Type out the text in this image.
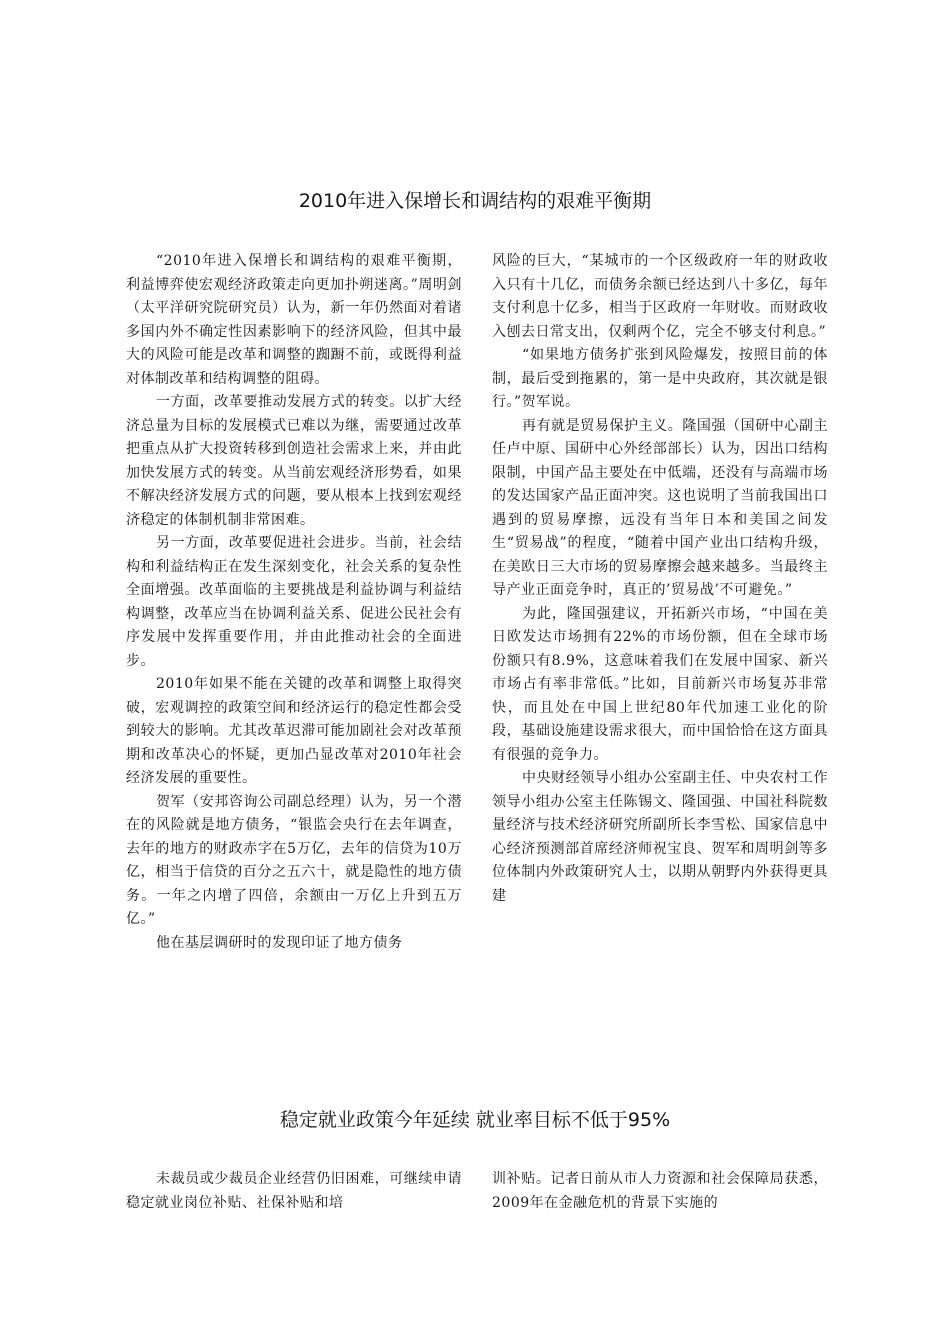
2010年进入保增长和调结构的艰难平衡期

“2010年进入保增长和调结构的艰难平衡期，利益博弈使宏观经济政策走向更加扑朔迷离。”周明剑（太平洋研究院研究员）认为，新一年仍然面对着诸多国内外不确定性因素影响下的经济风险，但其中最大的风险可能是改革和调整的踟蹰不前，或既得利益对体制改革和结构调整的阻碍。

一方面，改革要推动发展方式的转变。以扩大经济总量为目标的发展模式已难以为继，需要通过改革把重点从扩大投资转移到创造社会需求上来，并由此加快发展方式的转变。从当前宏观经济形势看，如果不解决经济发展方式的问题，要从根本上找到宏观经济稳定的体制机制非常困难。

另一方面，改革要促进社会进步。当前，社会结构和利益结构正在发生深刻变化，社会关系的复杂性全面增强。改革面临的主要挑战是利益协调与利益结构调整，改革应当在协调利益关系、促进公民社会有序发展中发挥重要作用，并由此推动社会的全面进步。

2010年如果不能在关键的改革和调整上取得突破，宏观调控的政策空间和经济运行的稳定性都会受到较大的影响。尤其改革迟滞可能加剧社会对改革预期和改革决心的怀疑，更加凸显改革对2010年社会经济发展的重要性。

贺军（安邦咨询公司副总经理）认为，另一个潜在的风险就是地方债务，“银监会央行在去年调查，去年的地方的财政赤字在5万亿，去年的信贷为10万亿，相当于信贷的百分之五六十，就是隐性的地方债务。一年之内增了四倍，余额由一万亿上升到五万亿。”

他在基层调研时的发现印证了地方债务

风险的巨大，“某城市的一个区级政府一年的财政收入只有十几亿，而债务余额已经达到八十多亿，每年支付利息十亿多，相当于区政府一年财收。而财政收入刨去日常支出，仅剩两个亿，完全不够支付利息。”

“如果地方债务扩张到风险爆发，按照目前的体制，最后受到拖累的，第一是中央政府，其次就是银行。”贺军说。

再有就是贸易保护主义。隆国强（国研中心副主任卢中原、国研中心外经部部长）认为，因出口结构限制，中国产品主要处在中低端，还没有与高端市场的发达国家产品正面冲突。这也说明了当前我国出口遇到的贸易摩擦，远没有当年日本和美国之间发生“贸易战”的程度，“随着中国产业出口结构升级，在美欧日三大市场的贸易摩擦会越来越多。当最终主导产业正面竞争时，真正的’贸易战’不可避免。”

为此，隆国强建议，开拓新兴市场，“中国在美日欧发达市场拥有22%的市场份额，但在全球市场份额只有8.9%，这意味着我们在发展中国家、新兴市场占有率非常低。”比如，目前新兴市场复苏非常快，而且处在中国上世纪80年代加速工业化的阶段，基础设施建设需求很大，而中国恰恰在这方面具有很强的竞争力。

中央财经领导小组办公室副主任、中央农村工作领导小组办公室主任陈锡文、隆国强、中国社科院数量经济与技术经济研究所副所长李雪松、国家信息中心经济预测部首席经济师祝宝良、贺军和周明剑等多位体制内外政策研究人士，以期从朝野内外获得更具建

稳定就业政策今年延续 就业率目标不低于95%

未裁员或少裁员企业经营仍旧困难，可继续申请稳定就业岗位补贴、社保补贴和培

训补贴。记者日前从市人力资源和社会保障局获悉，2009年在金融危机的背景下实施的
